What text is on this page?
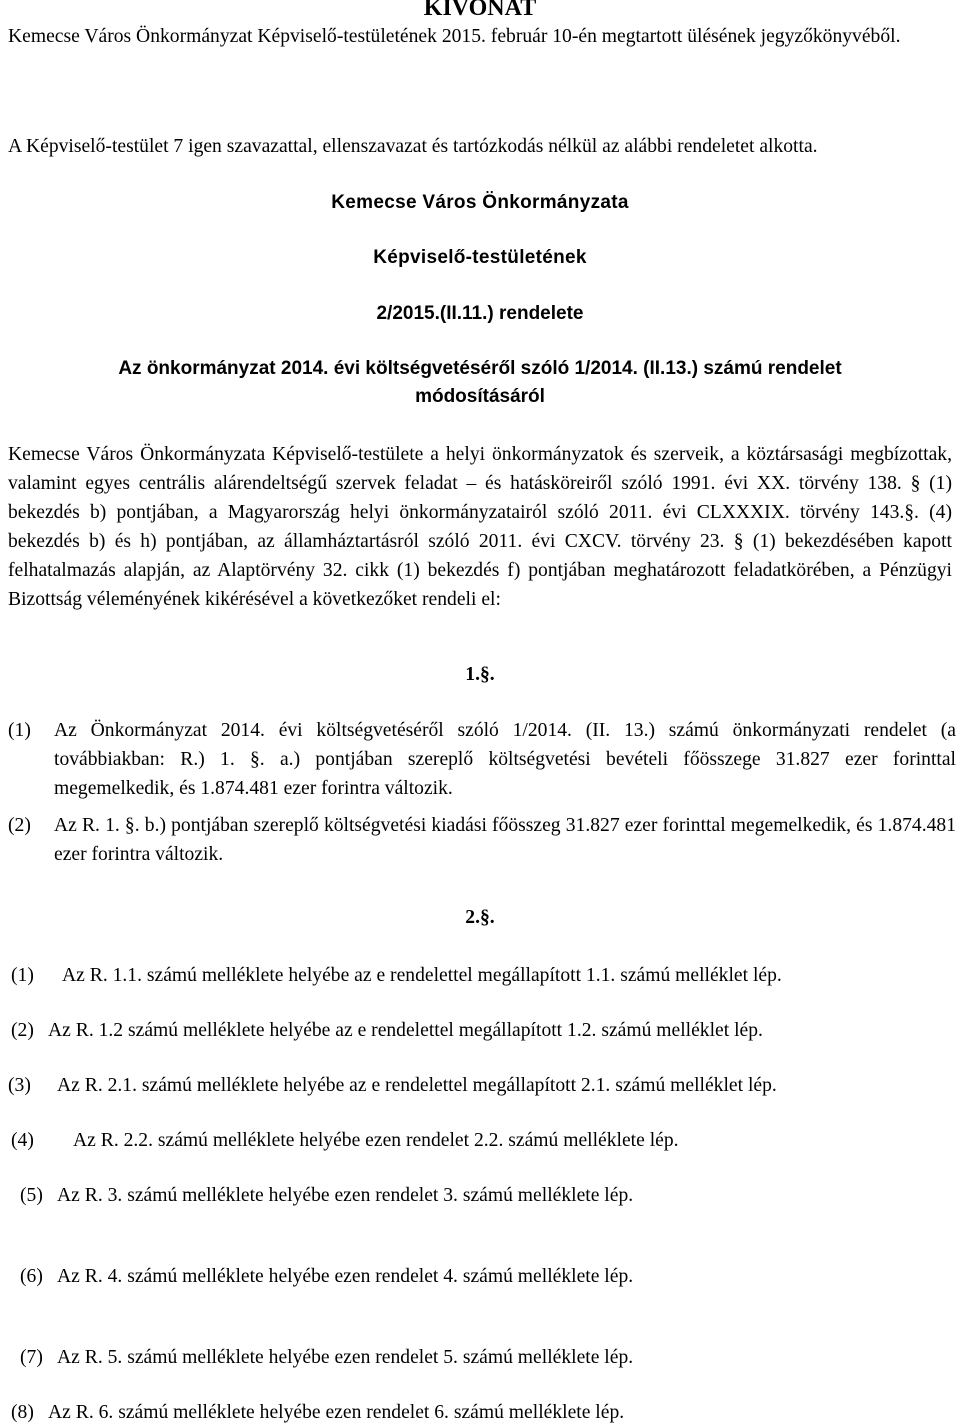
KIVONAT
Kemecse Város Önkormányzat Képviselő-testületének 2015. február 10-én megtartott ülésének jegyzőkönyvéből.
A Képviselő-testület 7 igen szavazattal, ellenszavazat és tartózkodás nélkül az alábbi rendeletet alkotta.
Kemecse Város Önkormányzata
Képviselő-testületének
2/2015.(II.11.) rendelete
Az önkormányzat 2014. évi költségvetéséről szóló 1/2014. (II.13.) számú rendelet
módosításáról
Kemecse Város Önkormányzata Képviselő-testülete a helyi önkormányzatok és szerveik, a köztársasági megbízottak, valamint egyes centrális alárendeltségű szervek feladat – és hatásköreiről szóló 1991. évi XX. törvény 138. § (1) bekezdés b) pontjában, a Magyarország helyi önkormányzatairól szóló 2011. évi CLXXXIX. törvény 143.§. (4) bekezdés b) és h) pontjában, az államháztartásról szóló 2011. évi CXCV. törvény 23. § (1) bekezdésében kapott felhatalmazás alapján, az Alaptörvény 32. cikk (1) bekezdés f) pontjában meghatározott feladatkörében, a Pénzügyi Bizottság véleményének kikérésével a következőket rendeli el:
1.§.
(1) Az Önkormányzat 2014. évi költségvetéséről szóló 1/2014. (II. 13.) számú önkormányzati rendelet (a továbbiakban: R.) 1. §. a.) pontjában szereplő költségvetési bevételi főösszege 31.827 ezer forinttal megemelkedik, és 1.874.481 ezer forintra változik.
(2) Az R. 1. §. b.) pontjában szereplő költségvetési kiadási főösszeg 31.827 ezer forinttal megemelkedik, és 1.874.481 ezer forintra változik.
2.§.
(1) Az R. 1.1. számú melléklete helyébe az e rendelettel megállapított 1.1. számú melléklet lép.
(2) Az R. 1.2 számú melléklete helyébe az e rendelettel megállapított 1.2. számú melléklet lép.
(3) Az R. 2.1. számú melléklete helyébe az e rendelettel megállapított 2.1. számú melléklet lép.
(4) Az R. 2.2. számú melléklete helyébe ezen rendelet 2.2. számú melléklete lép.
(5) Az R. 3. számú melléklete helyébe ezen rendelet 3. számú melléklete lép.
(6) Az R. 4. számú melléklete helyébe ezen rendelet 4. számú melléklete lép.
(7) Az R. 5. számú melléklete helyébe ezen rendelet 5. számú melléklete lép.
(8) Az R. 6. számú melléklete helyébe ezen rendelet 6. számú melléklete lép.
